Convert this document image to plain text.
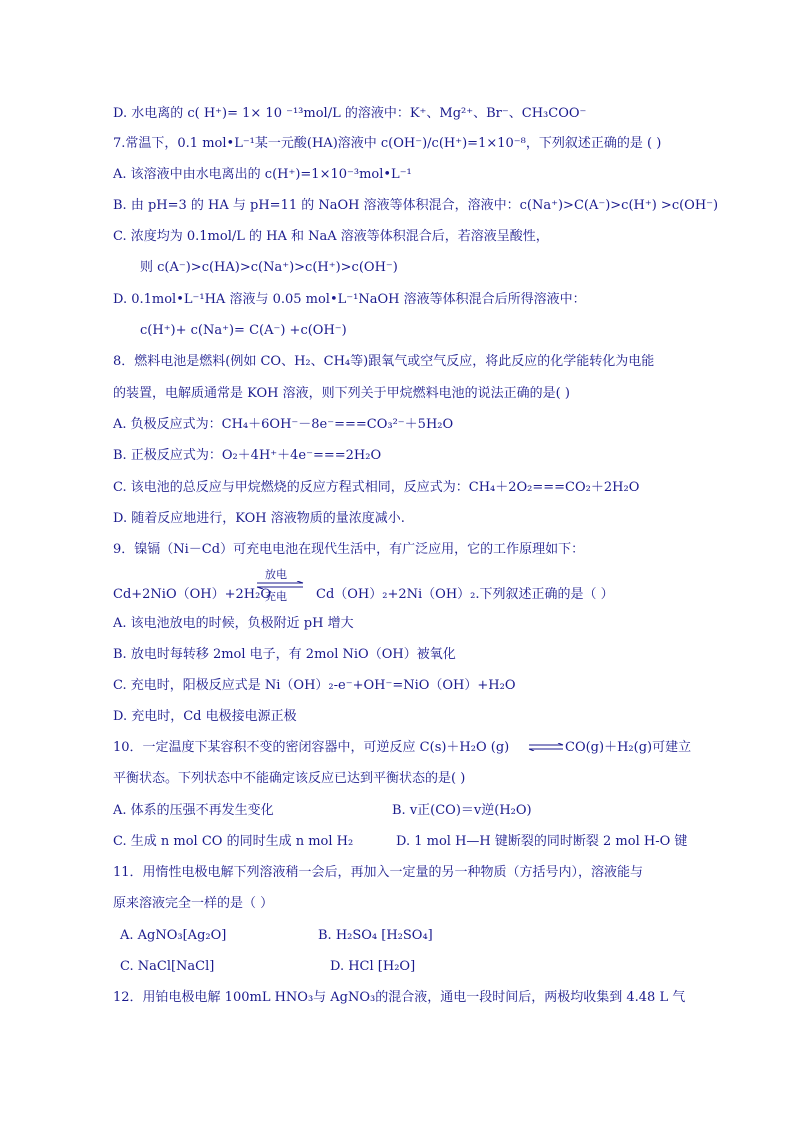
D. 水电离的 c( H⁺)= 1× 10 ⁻¹³mol/L 的溶液中：K⁺、Mg²⁺、Br⁻、CH₃COO⁻
7.常温下，0.1 mol•L⁻¹某一元酸(HA)溶液中 c(OH⁻)/c(H⁺)=1×10⁻⁸，下列叙述正确的是 ( )
A. 该溶液中由水电离出的 c(H⁺)=1×10⁻³mol•L⁻¹
B. 由 pH=3 的 HA 与 pH=11 的 NaOH 溶液等体积混合，溶液中：c(Na⁺)>C(A⁻)>c(H⁺) >c(OH⁻)
C. 浓度均为 0.1mol/L 的 HA 和 NaA 溶液等体积混合后，若溶液呈酸性，
则 c(A⁻)>c(HA)>c(Na⁺)>c(H⁺)>c(OH⁻)
D. 0.1mol•L⁻¹HA 溶液与 0.05 mol•L⁻¹NaOH 溶液等体积混合后所得溶液中：
c(H⁺)+ c(Na⁺)= C(A⁻) +c(OH⁻)
8．燃料电池是燃料(例如 CO、H₂、CH₄等)跟氧气或空气反应，将此反应的化学能转化为电能
的装置，电解质通常是 KOH 溶液，则下列关于甲烷燃料电池的说法正确的是( )
A. 负极反应式为：CH₄＋6OH⁻－8e⁻===CO₃²⁻＋5H₂O
B. 正极反应式为：O₂＋4H⁺＋4e⁻===2H₂O
C. 该电池的总反应与甲烷燃烧的反应方程式相同，反应式为：CH₄＋2O₂===CO₂＋2H₂O
D. 随着反应地进行，KOH 溶液物质的量浓度减小.
9．镍镉（Ni－Cd）可充电电池在现代生活中，有广泛应用，它的工作原理如下：
Cd+2NiO（OH）+2H₂O
放电
充电 Cd（OH）₂+2Ni（OH）₂.下列叙述正确的是（ ）
A. 该电池放电的时候，负极附近 pH 增大
B. 放电时每转移 2mol 电子，有 2mol NiO（OH）被氧化
C. 充电时，阳极反应式是 Ni（OH）₂-e⁻+OH⁻=NiO（OH）+H₂O
D. 充电时，Cd 电极接电源正极
10．一定温度下某容积不变的密闭容器中，可逆反应 C(s)＋H₂O (g) ⇌ CO(g)＋H₂(g)可建立
平衡状态。下列状态中不能确定该反应已达到平衡状态的是( )
A. 体系的压强不再发生变化	B. v正(CO)＝v逆(H₂O)
C. 生成 n mol CO 的同时生成 n mol H₂	D. 1 mol H—H 键断裂的同时断裂 2 mol H-O 键
11．用惰性电极电解下列溶液稍一会后，再加入一定量的另一种物质（方括号内），溶液能与
原来溶液完全一样的是（ ）
A. AgNO₃[Ag₂O]	B. H₂SO₄ [H₂SO₄]
C. NaCl[NaCl]	D. HCl [H₂O]
12．用铂电极电解 100mL HNO₃与 AgNO₃的混合液，通电一段时间后，两极均收集到 4.48 L 气
